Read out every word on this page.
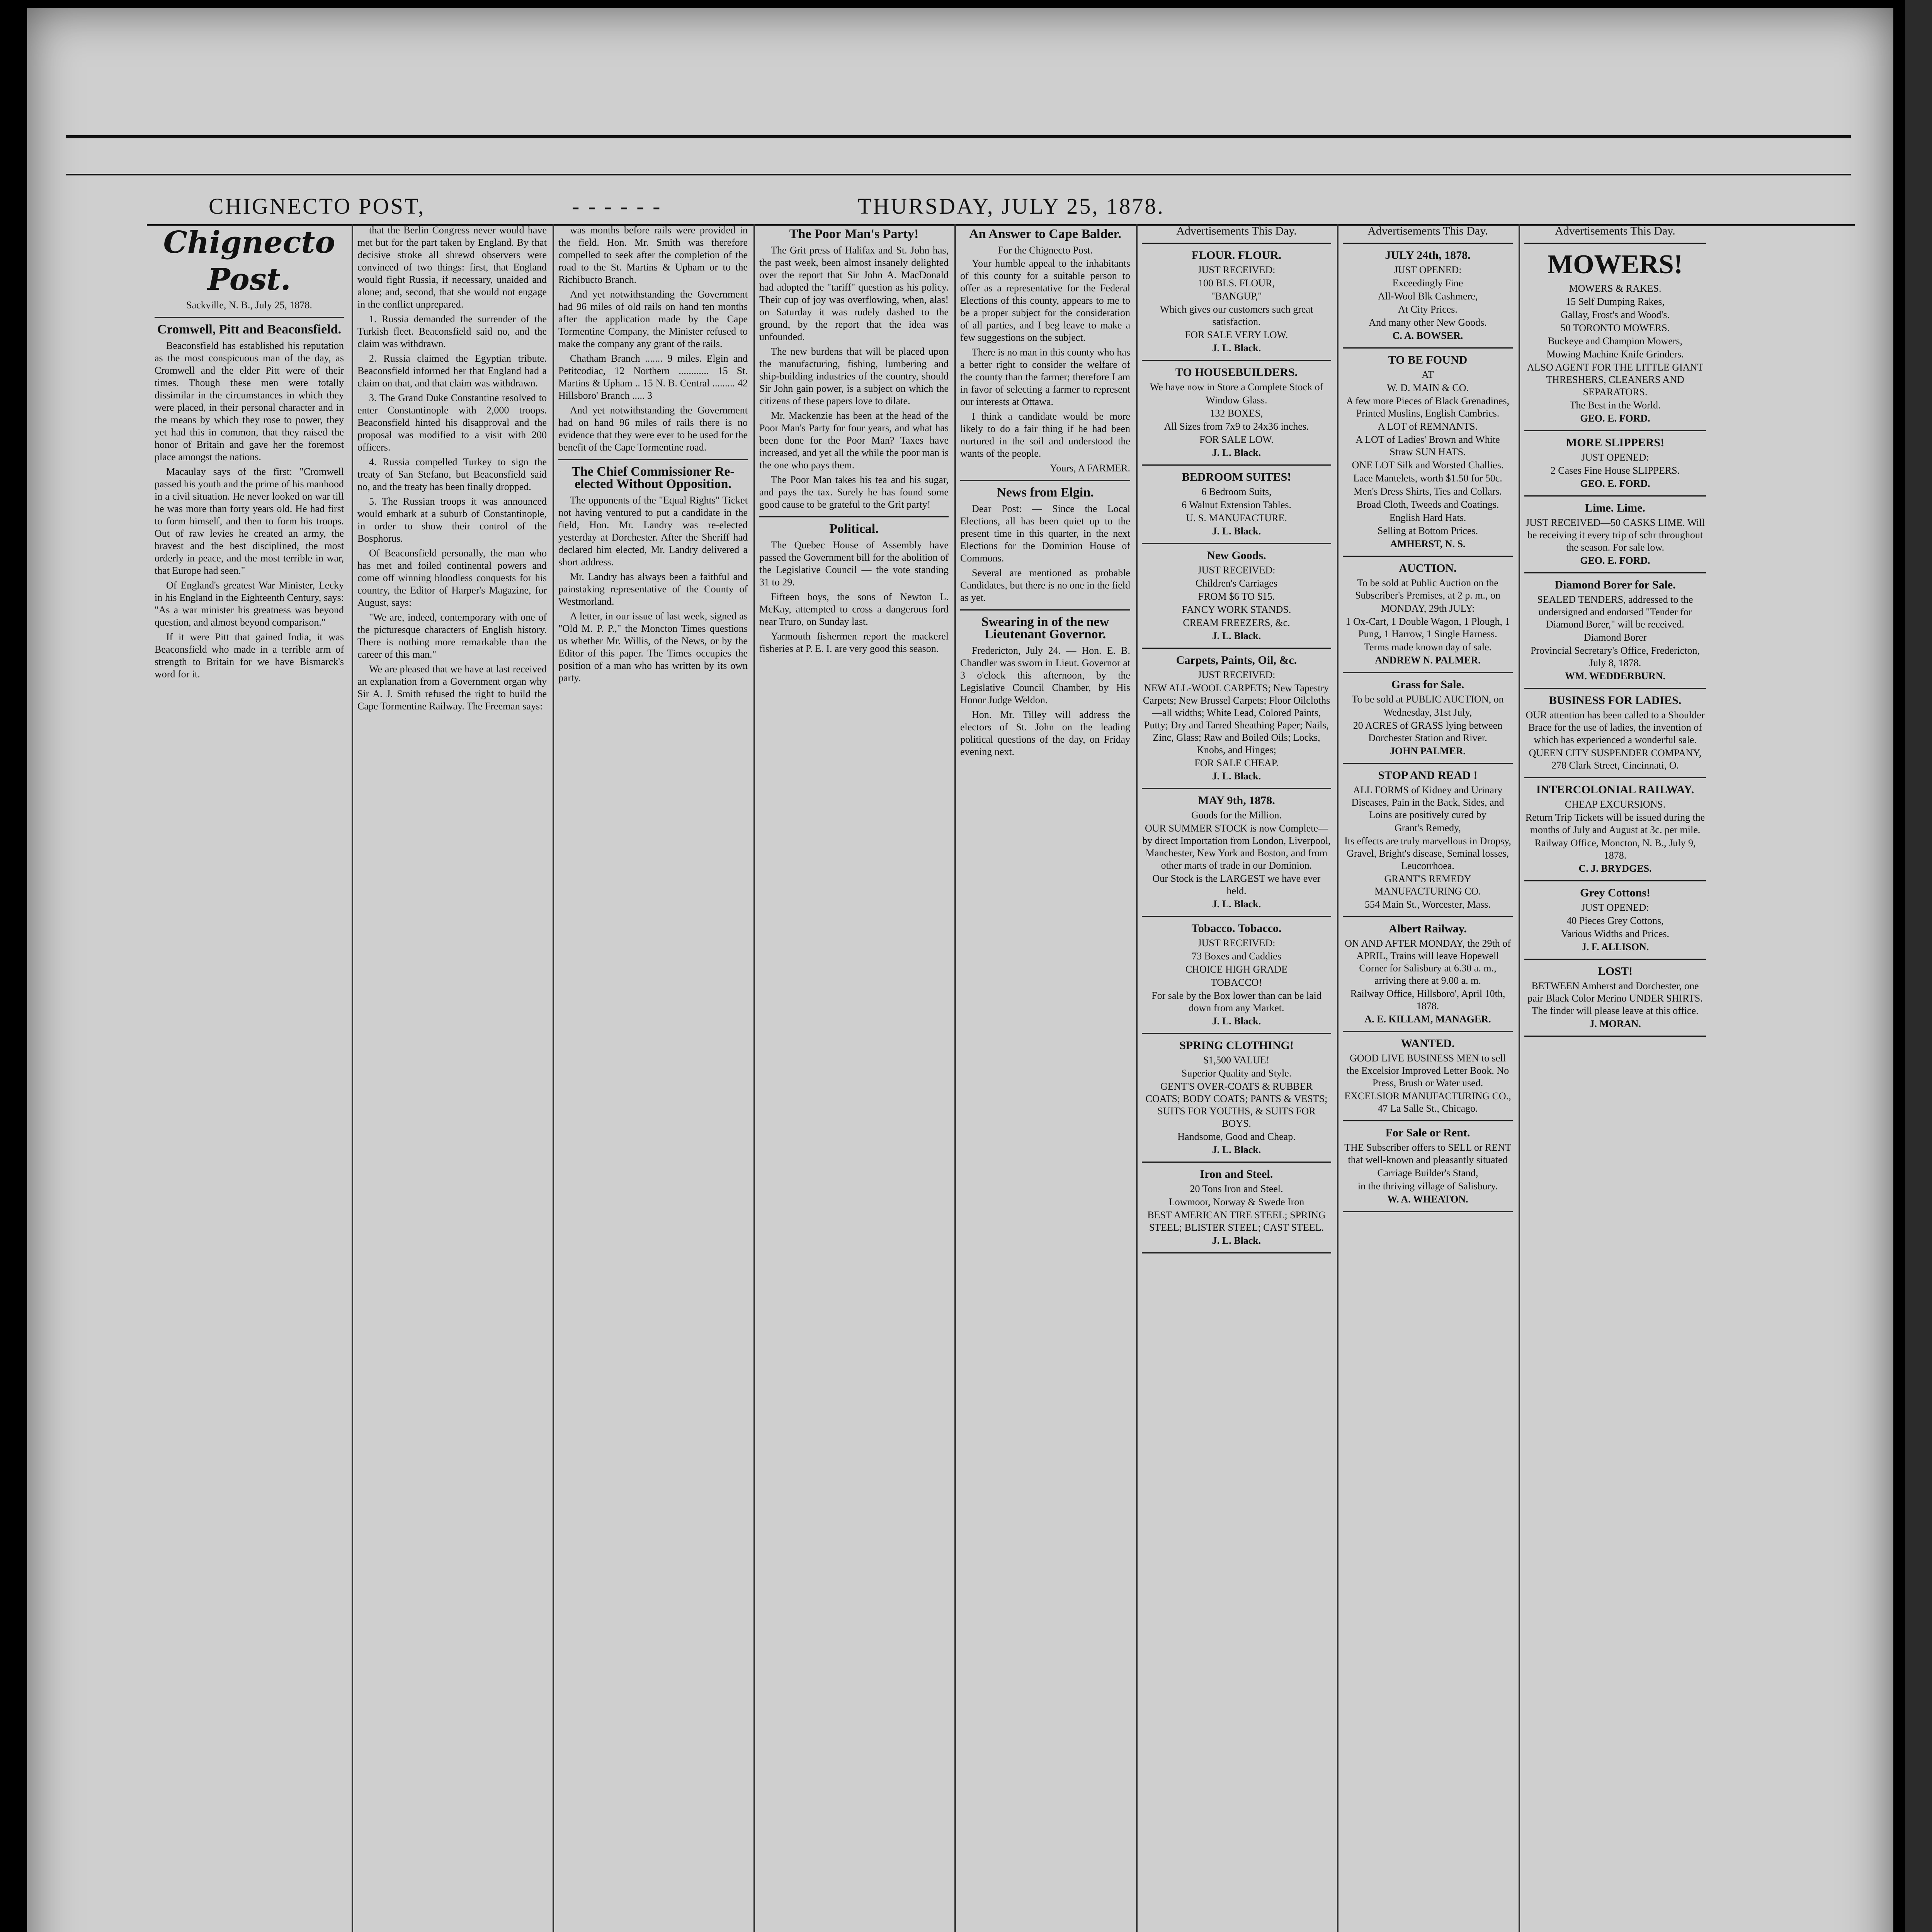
CHIGNECTO POST,	- - - - - -	THURSDAY, JULY 25, 1878.
Chignecto Post.
Sackville, N. B., July 25, 1878.
Cromwell, Pitt and Beaconsfield.

Beaconsfield has established his reputation as the most conspicuous man of the day, as Cromwell and the elder Pitt were of their times. Though these men were totally dissimilar in the circumstances in which they were placed, in their personal character and in the means by which they rose to power, they yet had this in common, that they raised the honor of Britain and gave her the foremost place amongst the nations.

Macaulay says of the first: "Cromwell passed his youth and the prime of his manhood in a civil situation. He never looked on war till he was more than forty years old. He had first to form himself, and then to form his troops. Out of raw levies he created an army, the bravest and the best disciplined, the most orderly in peace, and the most terrible in war, that Europe had seen."

Of England's greatest War Minister, Lecky in his England in the Eighteenth Century, says: "As a war minister his greatness was beyond question, and almost beyond comparison."

If it were Pitt that gained India, it was Beaconsfield who made in a terrible arm of strength to Britain for we have Bismarck's word for it.

that the Berlin Congress never would have met but for the part taken by England. By that decisive stroke all shrewd observers were convinced of two things: first, that England would fight Russia, if necessary, unaided and alone; and, second, that she would not engage in the conflict unprepared.

1. Russia demanded the surrender of the Turkish fleet. Beaconsfield said no, and the claim was withdrawn.

2. Russia claimed the Egyptian tribute. Beaconsfield informed her that England had a claim on that, and that claim was withdrawn.

3. The Grand Duke Constantine resolved to enter Constantinople with 2,000 troops. Beaconsfield hinted his disapproval and the proposal was modified to a visit with 200 officers.

4. Russia compelled Turkey to sign the treaty of San Stefano, but Beaconsfield said no, and the treaty has been finally dropped.

5. The Russian troops it was announced would embark at a suburb of Constantinople, in order to show their control of the Bosphorus.

Of Beaconsfield personally, the man who has met and foiled continental powers and come off winning bloodless conquests for his country, the Editor of Harper's Magazine, for August, says:

"We are, indeed, contemporary with one of the picturesque characters of English history. There is nothing more remarkable than the career of this man."

We are pleased that we have at last received an explanation from a Government organ why Sir A. J. Smith refused the right to build the Cape Tormentine Railway. The Freeman says:

was months before rails were provided in the field. Hon. Mr. Smith was therefore compelled to seek after the completion of the road to the St. Martins & Upham or to the Richibucto Branch.

And yet notwithstanding the Government had 96 miles of old rails on hand ten months after the application made by the Cape Tormentine Company, the Minister refused to make the company any grant of the rails.

Chatham Branch ....... 9 miles. Elgin and Petitcodiac, 12 Northern ............ 15 St. Martins & Upham .. 15 N. B. Central ......... 42 Hillsboro' Branch ..... 3

And yet notwithstanding the Government had on hand 96 miles of rails there is no evidence that they were ever to be used for the benefit of the Cape Tormentine road.

The Chief Commissioner Re-elected Without Opposition.

The opponents of the "Equal Rights" Ticket not having ventured to put a candidate in the field, Hon. Mr. Landry was re-elected yesterday at Dorchester. After the Sheriff had declared him elected, Mr. Landry delivered a short address.

Mr. Landry has always been a faithful and painstaking representative of the County of Westmorland.

A letter, in our issue of last week, signed as "Old M. P. P.," the Moncton Times questions us whether Mr. Willis, of the News, or by the Editor of this paper. The Times occupies the position of a man who has written by its own party.

The Poor Man's Party!

The Grit press of Halifax and St. John has, the past week, been almost insanely delighted over the report that Sir John A. MacDonald had adopted the "tariff" question as his policy. Their cup of joy was overflowing, when, alas! on Saturday it was rudely dashed to the ground, by the report that the idea was unfounded.

The new burdens that will be placed upon the manufacturing, fishing, lumbering and ship-building industries of the country, should Sir John gain power, is a subject on which the citizens of these papers love to dilate.

Mr. Mackenzie has been at the head of the Poor Man's Party for four years, and what has been done for the Poor Man? Taxes have increased, and yet all the while the poor man is the one who pays them.

The Poor Man takes his tea and his sugar, and pays the tax. Surely he has found some good cause to be grateful to the Grit party!

Political.

The Quebec House of Assembly have passed the Government bill for the abolition of the Legislative Council — the vote standing 31 to 29.

Fifteen boys, the sons of Newton L. McKay, attempted to cross a dangerous ford near Truro, on Sunday last.

Yarmouth fishermen report the mackerel fisheries at P. E. I. are very good this season.

An Answer to Cape Balder.
For the Chignecto Post.

Your humble appeal to the inhabitants of this county for a suitable person to offer as a representative for the Federal Elections of this county, appears to me to be a proper subject for the consideration of all parties, and I beg leave to make a few suggestions on the subject.

There is no man in this county who has a better right to consider the welfare of the county than the farmer; therefore I am in favor of selecting a farmer to represent our interests at Ottawa.

I think a candidate would be more likely to do a fair thing if he had been nurtured in the soil and understood the wants of the people.

Yours, A FARMER.
News from Elgin.

Dear Post: — Since the Local Elections, all has been quiet up to the present time in this quarter, in the next Elections for the Dominion House of Commons.

Several are mentioned as probable Candidates, but there is no one in the field as yet.

Swearing in of the new Lieutenant Governor.

Fredericton, July 24. — Hon. E. B. Chandler was sworn in Lieut. Governor at 3 o'clock this afternoon, by the Legislative Council Chamber, by His Honor Judge Weldon.

Hon. Mr. Tilley will address the electors of St. John on the leading political questions of the day, on Friday evening next.

Advertisements This Day.
FLOUR. FLOUR.
JUST RECEIVED:
100 BLS. FLOUR,
"BANGUP,"
Which gives our customers such great satisfaction.
FOR SALE VERY LOW.
J. L. Black.
TO HOUSEBUILDERS.
We have now in Store a Complete Stock of
Window Glass.
132 BOXES,
All Sizes from 7x9 to 24x36 inches.
FOR SALE LOW.
J. L. Black.
BEDROOM SUITES!
6 Bedroom Suits,
6 Walnut Extension Tables.
U. S. MANUFACTURE.
J. L. Black.
New Goods.
JUST RECEIVED:
Children's Carriages
FROM $6 TO $15.
FANCY WORK STANDS.
CREAM FREEZERS, &c.
J. L. Black.
Carpets, Paints, Oil, &c.
JUST RECEIVED:
NEW ALL-WOOL CARPETS; New Tapestry Carpets; New Brussel Carpets; Floor Oilcloths—all widths; White Lead, Colored Paints, Putty; Dry and Tarred Sheathing Paper; Nails, Zinc, Glass; Raw and Boiled Oils; Locks, Knobs, and Hinges;
FOR SALE CHEAP.
J. L. Black.
MAY 9th, 1878.
Goods for the Million.
OUR SUMMER STOCK is now Complete—by direct Importation from London, Liverpool, Manchester, New York and Boston, and from other marts of trade in our Dominion.
Our Stock is the LARGEST we have ever held.
J. L. Black.
Tobacco. Tobacco.
JUST RECEIVED:
73 Boxes and Caddies
CHOICE HIGH GRADE
TOBACCO!
For sale by the Box lower than can be laid down from any Market.
J. L. Black.
SPRING CLOTHING!
$1,500 VALUE!
Superior Quality and Style.
GENT'S OVER-COATS & RUBBER COATS; BODY COATS; PANTS & VESTS; SUITS FOR YOUTHS, & SUITS FOR BOYS.
Handsome, Good and Cheap.
J. L. Black.
Iron and Steel.
20 Tons Iron and Steel.
Lowmoor, Norway & Swede Iron
BEST AMERICAN TIRE STEEL; SPRING STEEL; BLISTER STEEL; CAST STEEL.
J. L. Black.
Advertisements This Day.
JULY 24th, 1878.
JUST OPENED:
Exceedingly Fine
All-Wool Blk Cashmere,
At City Prices.
And many other New Goods.
C. A. BOWSER.
TO BE FOUND
AT
W. D. MAIN & CO.
A few more Pieces of Black Grenadines, Printed Muslins, English Cambrics.
A LOT of REMNANTS.
A LOT of Ladies' Brown and White Straw SUN HATS.
ONE LOT Silk and Worsted Challies.
Lace Mantelets, worth $1.50 for 50c.
Men's Dress Shirts, Ties and Collars.
Broad Cloth, Tweeds and Coatings.
English Hard Hats.
Selling at Bottom Prices.
AMHERST, N. S.
AUCTION.
To be sold at Public Auction on the Subscriber's Premises, at 2 p. m., on
MONDAY, 29th JULY:
1 Ox-Cart, 1 Double Wagon, 1 Plough, 1 Pung, 1 Harrow, 1 Single Harness.
Terms made known day of sale.
ANDREW N. PALMER.
Grass for Sale.
To be sold at PUBLIC AUCTION, on
Wednesday, 31st July,
20 ACRES of GRASS lying between Dorchester Station and River.
JOHN PALMER.
STOP AND READ !
ALL FORMS of Kidney and Urinary Diseases, Pain in the Back, Sides, and Loins are positively cured by
Grant's Remedy,
Its effects are truly marvellous in Dropsy, Gravel, Bright's disease, Seminal losses, Leucorrhoea.
GRANT'S REMEDY MANUFACTURING CO.
554 Main St., Worcester, Mass.
Albert Railway.
ON AND AFTER MONDAY, the 29th of APRIL, Trains will leave Hopewell Corner for Salisbury at 6.30 a. m., arriving there at 9.00 a. m.
Railway Office, Hillsboro', April 10th, 1878.
A. E. KILLAM, MANAGER.
WANTED.
GOOD LIVE BUSINESS MEN to sell the Excelsior Improved Letter Book. No Press, Brush or Water used.
EXCELSIOR MANUFACTURING CO., 47 La Salle St., Chicago.
For Sale or Rent.
THE Subscriber offers to SELL or RENT that well-known and pleasantly situated
Carriage Builder's Stand,
in the thriving village of Salisbury.
W. A. WHEATON.
Advertisements This Day.
MOWERS!
MOWERS & RAKES.
15 Self Dumping Rakes,
Gallay, Frost's and Wood's.
50 TORONTO MOWERS.
Buckeye and Champion Mowers,
Mowing Machine Knife Grinders.
ALSO AGENT FOR THE LITTLE GIANT THRESHERS, CLEANERS AND SEPARATORS.
The Best in the World.
GEO. E. FORD.
MORE SLIPPERS!
JUST OPENED:
2 Cases Fine House SLIPPERS.
GEO. E. FORD.
Lime. Lime.
JUST RECEIVED—50 CASKS LIME. Will be receiving it every trip of schr throughout the season. For sale low.
GEO. E. FORD.
Diamond Borer for Sale.
SEALED TENDERS, addressed to the undersigned and endorsed "Tender for Diamond Borer," will be received.
Diamond Borer
Provincial Secretary's Office, Fredericton, July 8, 1878.
WM. WEDDERBURN.
BUSINESS FOR LADIES.
OUR attention has been called to a Shoulder Brace for the use of ladies, the invention of which has experienced a wonderful sale.
QUEEN CITY SUSPENDER COMPANY, 278 Clark Street, Cincinnati, O.
INTERCOLONIAL RAILWAY.
CHEAP EXCURSIONS.
Return Trip Tickets will be issued during the months of July and August at 3c. per mile.
Railway Office, Moncton, N. B., July 9, 1878.
C. J. BRYDGES.
Grey Cottons!
JUST OPENED:
40 Pieces Grey Cottons,
Various Widths and Prices.
J. F. ALLISON.
LOST!
BETWEEN Amherst and Dorchester, one pair Black Color Merino UNDER SHIRTS. The finder will please leave at this office.
J. MORAN.
